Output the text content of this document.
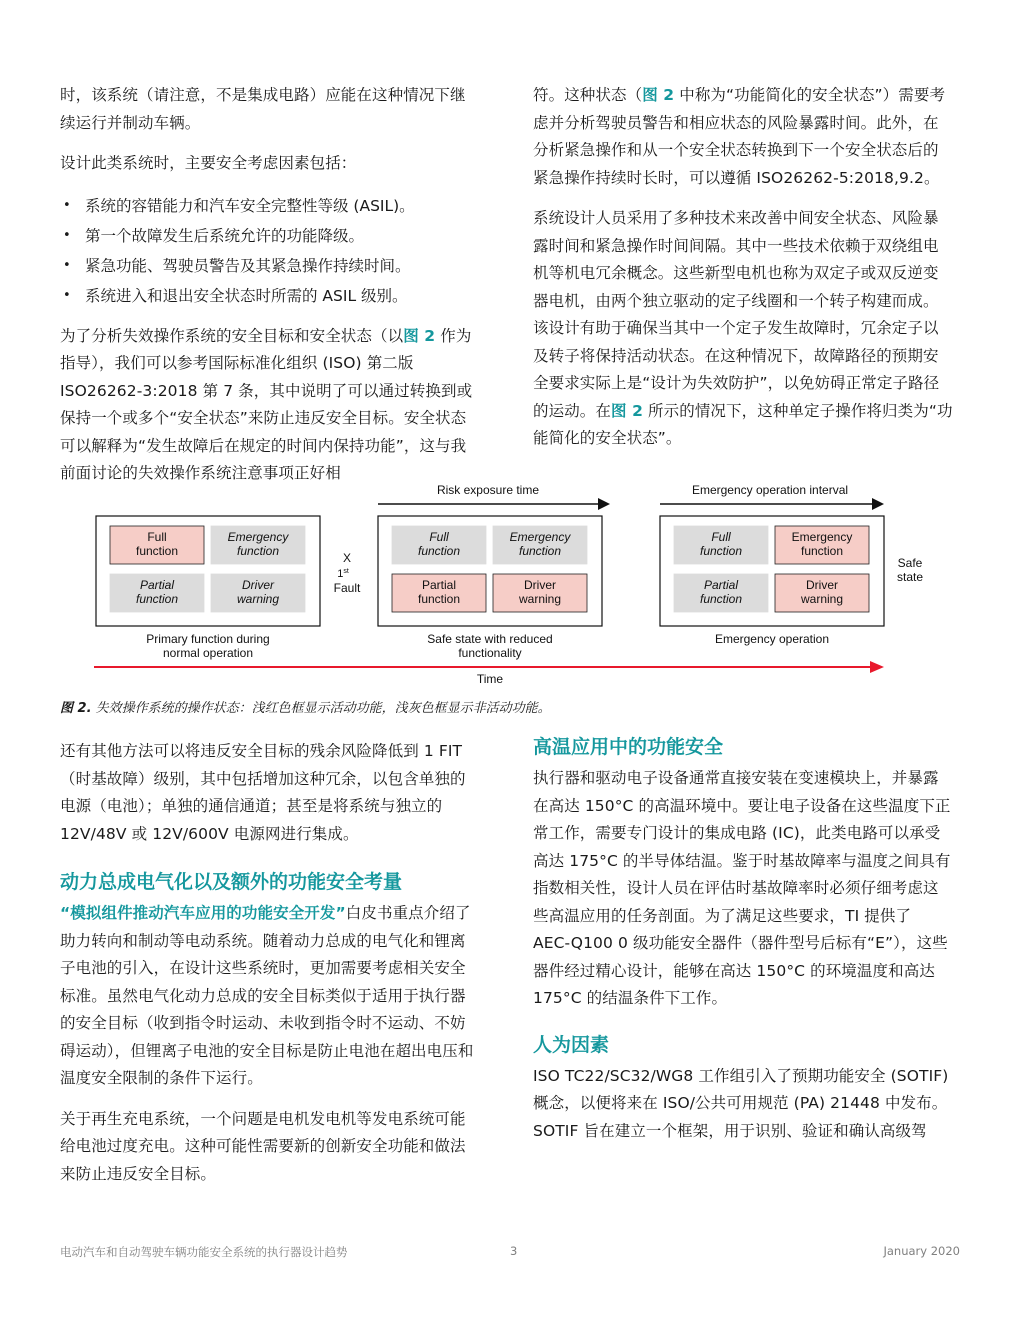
时，该系统（请注意，不是集成电路）应能在这种情况下继续运行并制动车辆。

设计此类系统时，主要安全考虑因素包括：

• 系统的容错能力和汽车安全完整性等级 (ASIL)。
• 第一个故障发生后系统允许的功能降级。
• 紧急功能、驾驶员警告及其紧急操作持续时间。
• 系统进入和退出安全状态时所需的 ASIL 级别。

为了分析失效操作系统的安全目标和安全状态（以图 2 作为指导），我们可以参考国际标准化组织 (ISO) 第二版 ISO26262-3:2018 第 7 条，其中说明了可以通过转换到或保持一个或多个“安全状态”来防止违反安全目标。安全状态可以解释为“发生故障后在规定的时间内保持功能”，这与我前面讨论的失效操作系统注意事项正好相

符。这种状态（图 2 中称为“功能简化的安全状态”）需要考虑并分析驾驶员警告和相应状态的风险暴露时间。此外，在分析紧急操作和从一个安全状态转换到下一个安全状态后的紧急操作持续时长时，可以遵循 ISO26262-5:2018,9.2。

系统设计人员采用了多种技术来改善中间安全状态、风险暴露时间和紧急操作时间间隔。其中一些技术依赖于双绕组电机等机电冗余概念。这些新型电机也称为双定子或双反逆变器电机，由两个独立驱动的定子线圈和一个转子构建而成。该设计有助于确保当其中一个定子发生故障时，冗余定子以及转子将保持活动状态。在这种情况下，故障路径的预期安全要求实际上是“设计为失效防护”，以免妨碍正常定子路径的运动。在图 2 所示的情况下，这种单定子操作将归类为“功能简化的安全状态”。

Risk exposure time	Emergency operation interval
Full
function
Emergency
function
Partial
function
Driver
warning
Primary function during
normal operation
Full
function
Emergency
function
Partial
function
Driver
warning
Safe state with reduced
functionality
Full
function
Emergency
function
Partial
function
Driver
warning
Emergency operation
X
1st
Fault
Safe
state
Time
图 2. 失效操作系统的操作状态：浅红色框显示活动功能，浅灰色框显示非活动功能。

还有其他方法可以将违反安全目标的残余风险降低到 1 FIT（时基故障）级别，其中包括增加这种冗余，以包含单独的电源（电池）；单独的通信通道；甚至是将系统与独立的 12V/48V 或 12V/600V 电源网进行集成。

动力总成电气化以及额外的功能安全考量

“模拟组件推动汽车应用的功能安全开发”白皮书重点介绍了助力转向和制动等电动系统。随着动力总成的电气化和锂离子电池的引入，在设计这些系统时，更加需要考虑相关安全标准。虽然电气化动力总成的安全目标类似于适用于执行器的安全目标（收到指令时运动、未收到指令时不运动、不妨碍运动），但锂离子电池的安全目标是防止电池在超出电压和温度安全限制的条件下运行。

关于再生充电系统，一个问题是电机发电机等发电系统可能给电池过度充电。这种可能性需要新的创新安全功能和做法来防止违反安全目标。

高温应用中的功能安全

执行器和驱动电子设备通常直接安装在变速模块上，并暴露在高达 150°C 的高温环境中。要让电子设备在这些温度下正常工作，需要专门设计的集成电路 (IC)，此类电路可以承受高达 175°C 的半导体结温。鉴于时基故障率与温度之间具有指数相关性，设计人员在评估时基故障率时必须仔细考虑这些高温应用的任务剖面。为了满足这些要求，TI 提供了 AEC-Q100 0 级功能安全器件（器件型号后标有“E”），这些器件经过精心设计，能够在高达 150°C 的环境温度和高达 175°C 的结温条件下工作。

人为因素

ISO TC22/SC32/WG8 工作组引入了预期功能安全 (SOTIF) 概念，以便将来在 ISO/公共可用规范 (PA) 21448 中发布。SOTIF 旨在建立一个框架，用于识别、验证和确认高级驾

电动汽车和自动驾驶车辆功能安全系统的执行器设计趋势	3	January 2020
